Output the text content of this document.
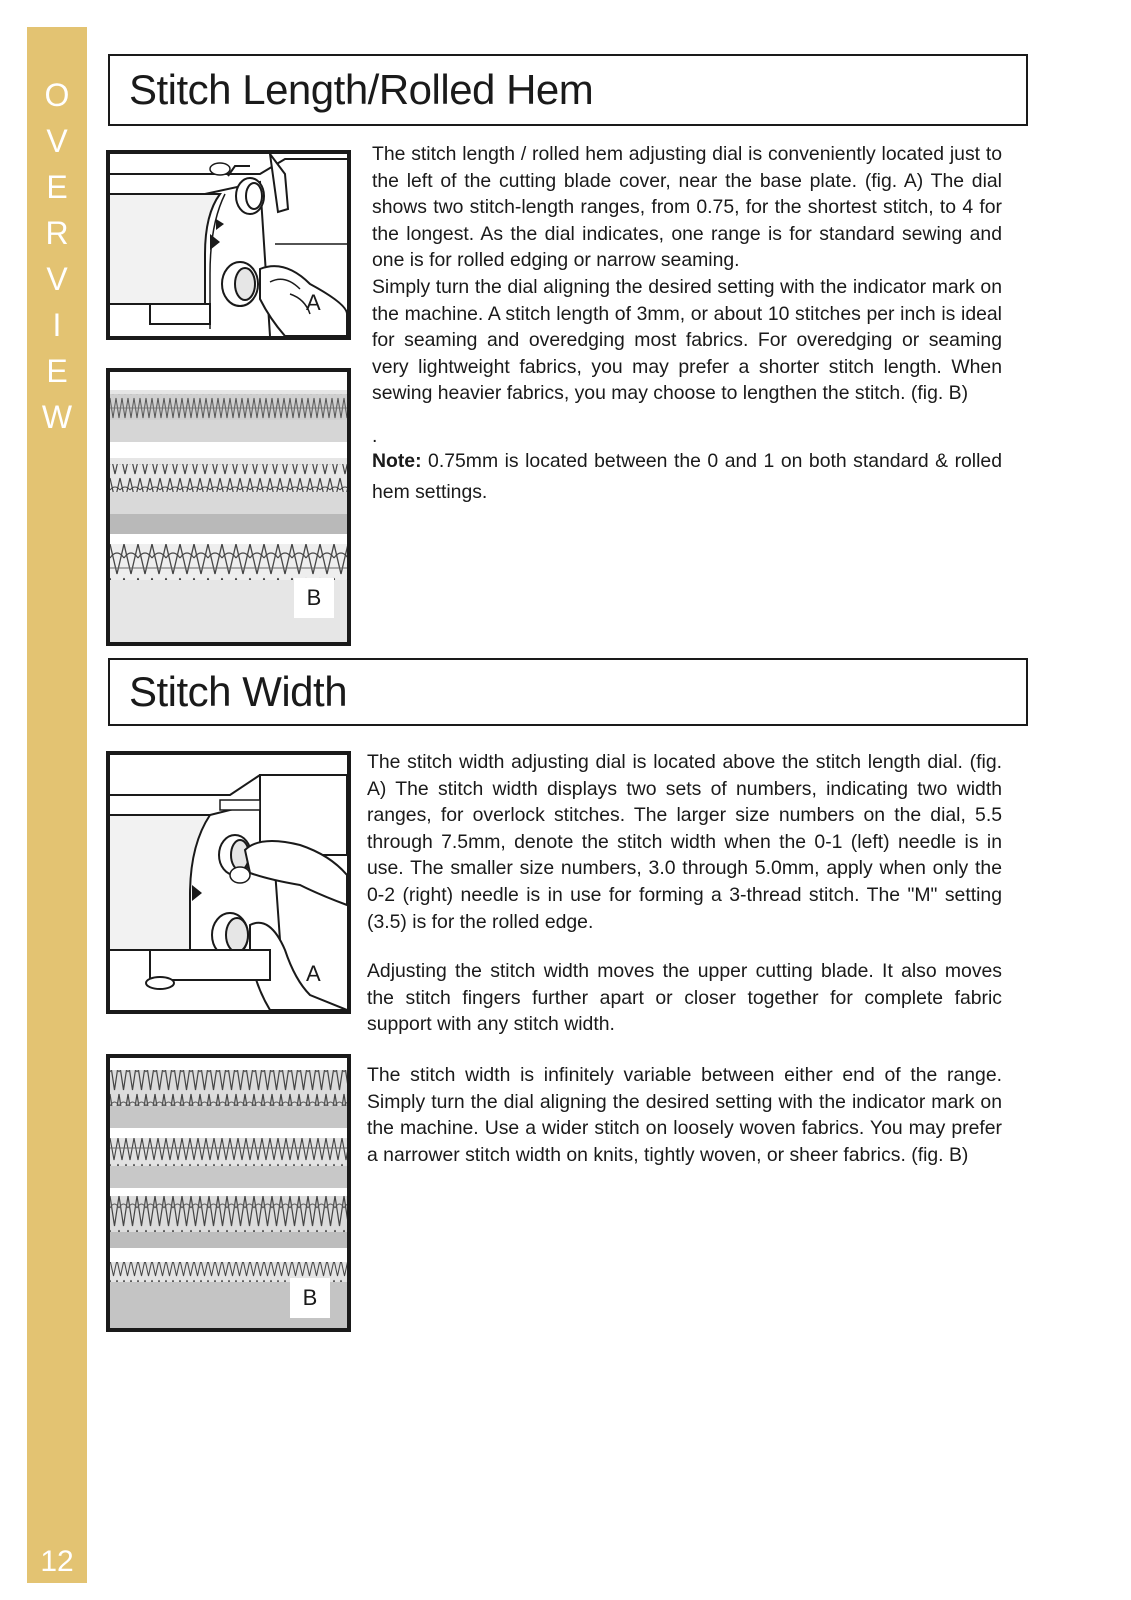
O
V
E
R
V
I
E
W
12
Stitch Length/Rolled Hem
A
B
The stitch length / rolled hem adjusting dial is conveniently located just to the left of the cutting blade cover, near the base plate. (fig. A) The dial shows two stitch-length ranges, from 0.75, for the shortest stitch, to 4 for the longest. As the dial indicates, one range is for standard sewing and one is for rolled edging or narrow seaming.
Simply turn the dial aligning the desired setting with the indicator mark on the machine. A stitch length of 3mm, or about 10 stitches per inch is ideal for seaming and overedging most fabrics. For overedging or seaming very lightweight fabrics, you may prefer a shorter stitch length. When sewing heavier fabrics, you may choose to lengthen the stitch. (fig. B)
.

Note: 0.75mm is located between the 0 and 1 on both standard & rolled hem settings.

Stitch Width
A
B
The stitch width adjusting dial is located above the stitch length dial. (fig. A) The stitch width displays two sets of numbers, indicating two width ranges, for overlock stitches. The larger size numbers on the dial, 5.5 through 7.5mm, denote the stitch width when the 0-1 (left) needle is in use. The smaller size numbers, 3.0 through 5.0mm, apply when only the 0-2 (right) needle is in use for forming a 3-thread stitch. The "M" setting (3.5) is for the rolled edge.
Adjusting the stitch width moves the upper cutting blade. It also moves the stitch fingers further apart or closer together for complete fabric support with any stitch width.
The stitch width is infinitely variable between either end of the range. Simply turn the dial aligning the desired setting with the indicator mark on the machine. Use a wider stitch on loosely woven fabrics. You may prefer a narrower stitch width on knits, tightly woven, or sheer fabrics. (fig. B)
